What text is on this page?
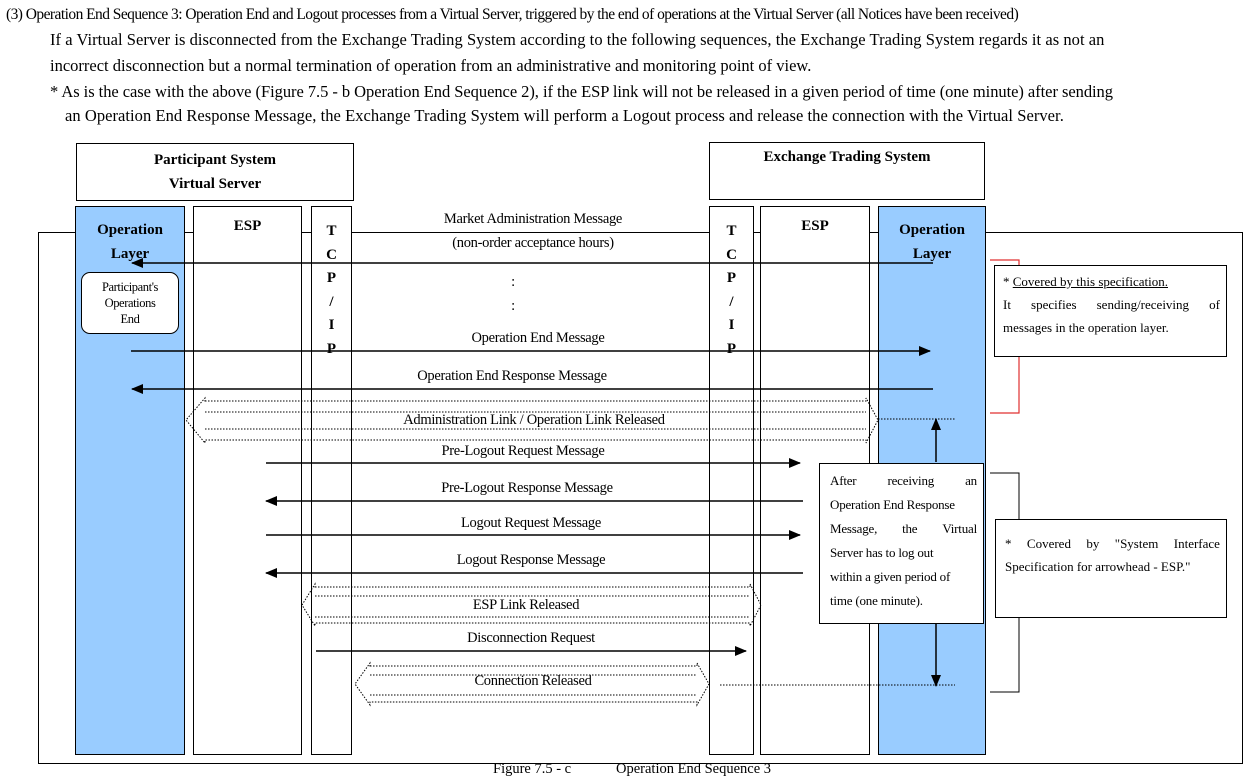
(3) Operation End Sequence 3: Operation End and Logout processes from a Virtual Server, triggered by the end of operations at the Virtual Server (all Notices have been received)
If a Virtual Server is disconnected from the Exchange Trading System according to the following sequences, the Exchange Trading System regards it as not an
incorrect disconnection but a normal termination of operation from an administrative and monitoring point of view.
* As is the case with the above (Figure 7.5 - b Operation End Sequence 2), if the ESP link will not be released in a given period of time (one minute) after sending
an Operation End Response Message, the Exchange Trading System will perform a Logout process and release the connection with the Virtual Server.
Participant System
Virtual Server
Exchange Trading System
Operation
Layer
ESP	T
C
P
/
I
P
T
C
P
/
I
P
ESP	Operation
Layer
Participant's
Operations
End
Market Administration Message
(non-order acceptance hours)
:
:
Operation End Message
Operation End Response Message
Administration Link / Operation Link Released
Pre-Logout Request Message
Pre-Logout Response Message
Logout Request Message
Logout Response Message
ESP Link Released
Disconnection Request
Connection Released
* Covered by this specification.
It specifies sending/receiving of
messages in the operation layer.
After receiving an
Operation End Response
Message, the Virtual
Server has to log out
within a given period of
time (one minute).
* Covered by "System Interface
Specification for arrowhead - ESP."
Figure 7.5 - c	Operation End Sequence 3
